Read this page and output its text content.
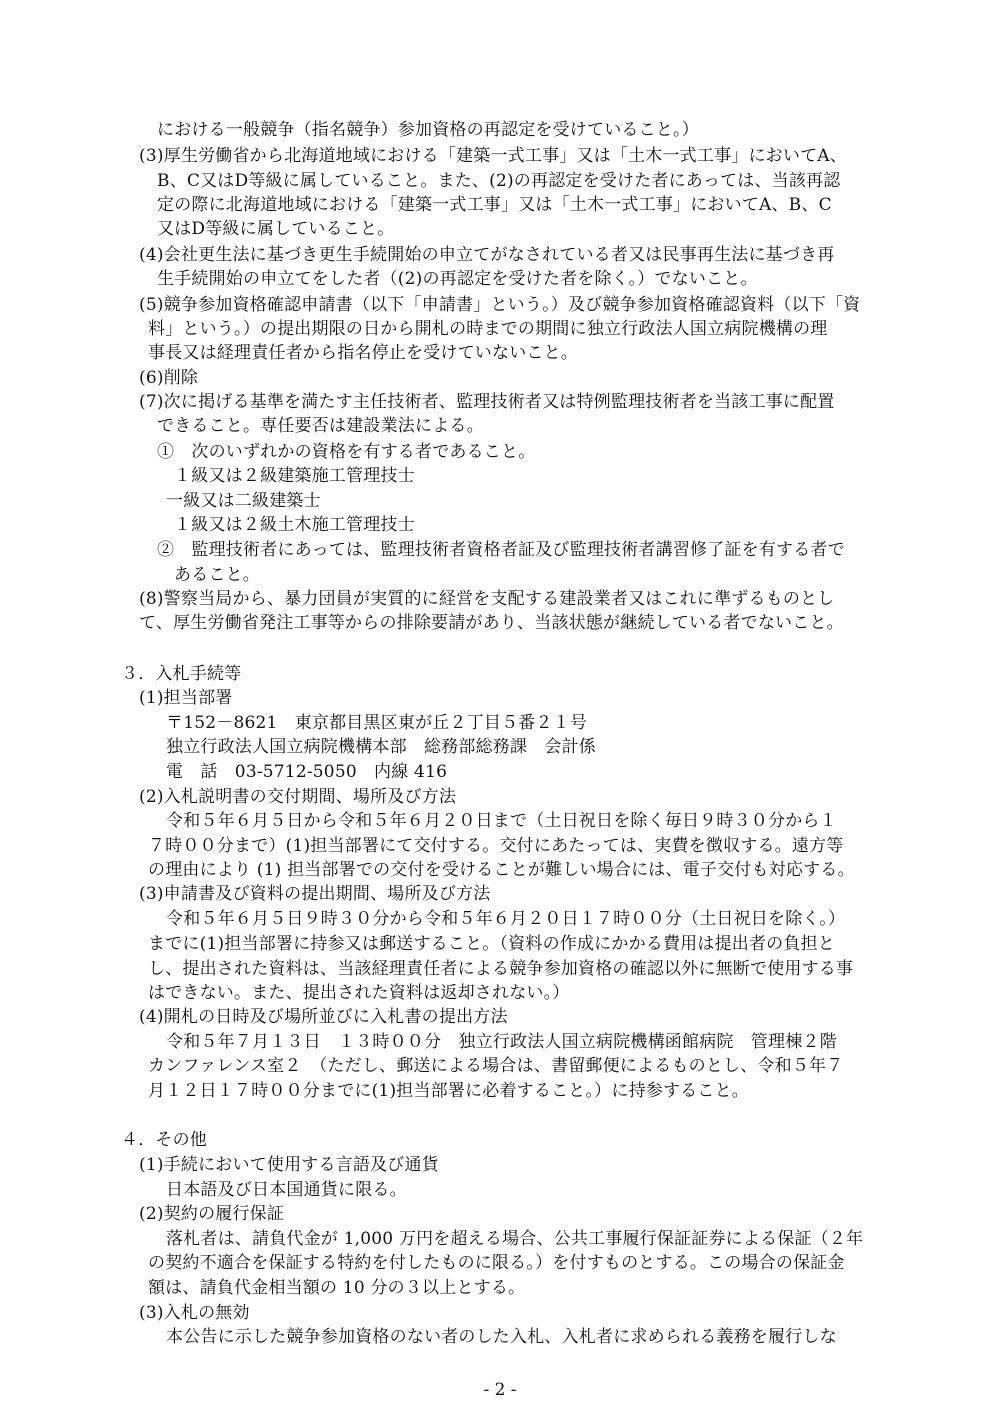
における一般競争（指名競争）参加資格の再認定を受けていること。）
(3)厚生労働省から北海道地域における「建築一式工事」又は「土木一式工事」においてA、
B、C又はD等級に属していること。また、(2)の再認定を受けた者にあっては、当該再認
定の際に北海道地域における「建築一式工事」又は「土木一式工事」においてA、B、C
又はD等級に属していること。
(4)会社更生法に基づき更生手続開始の申立てがなされている者又は民事再生法に基づき再
生手続開始の申立てをした者（(2)の再認定を受けた者を除く。）でないこと。
(5)競争参加資格確認申請書（以下「申請書」という。）及び競争参加資格確認資料（以下「資
料」という。）の提出期限の日から開札の時までの期間に独立行政法人国立病院機構の理
事長又は経理責任者から指名停止を受けていないこと。
(6)削除
(7)次に掲げる基準を満たす主任技術者、監理技術者又は特例監理技術者を当該工事に配置
できること。専任要否は建設業法による。
①　次のいずれかの資格を有する者であること。
１級又は２級建築施工管理技士
一級又は二級建築士
１級又は２級土木施工管理技士
②　監理技術者にあっては、監理技術者資格者証及び監理技術者講習修了証を有する者で
あること。
(8)警察当局から、暴力団員が実質的に経営を支配する建設業者又はこれに準ずるものとし
て、厚生労働省発注工事等からの排除要請があり、当該状態が継続している者でないこと。
３．入札手続等
(1)担当部署
〒152－8621　東京都目黒区東が丘２丁目５番２１号
独立行政法人国立病院機構本部　総務部総務課　会計係
電　話　03-5712-5050　内線 416
(2)入札説明書の交付期間、場所及び方法
令和５年６月５日から令和５年６月２０日まで（土日祝日を除く毎日９時３０分から１
７時００分まで）(1)担当部署にて交付する。交付にあたっては、実費を徴収する。遠方等
の理由により (1) 担当部署での交付を受けることが難しい場合には、電子交付も対応する。
(3)申請書及び資料の提出期間、場所及び方法
令和５年６月５日９時３０分から令和５年６月２０日１７時００分（土日祝日を除く。）
までに(1)担当部署に持参又は郵送すること。（資料の作成にかかる費用は提出者の負担と
し、提出された資料は、当該経理責任者による競争参加資格の確認以外に無断で使用する事
はできない。また、提出された資料は返却されない。）
(4)開札の日時及び場所並びに入札書の提出方法
令和５年７月１３日　１３時００分　独立行政法人国立病院機構函館病院　管理棟２階
カンファレンス室２　（ただし、郵送による場合は、書留郵便によるものとし、令和５年７
月１２日１７時００分までに(1)担当部署に必着すること。）に持参すること。
４．その他
(1)手続において使用する言語及び通貨
日本語及び日本国通貨に限る。
(2)契約の履行保証
落札者は、請負代金が 1,000 万円を超える場合、公共工事履行保証証券による保証（２年
の契約不適合を保証する特約を付したものに限る。）を付すものとする。この場合の保証金
額は、請負代金相当額の 10 分の３以上とする。
(3)入札の無効
本公告に示した競争参加資格のない者のした入札、入札者に求められる義務を履行しな
- 2 -
